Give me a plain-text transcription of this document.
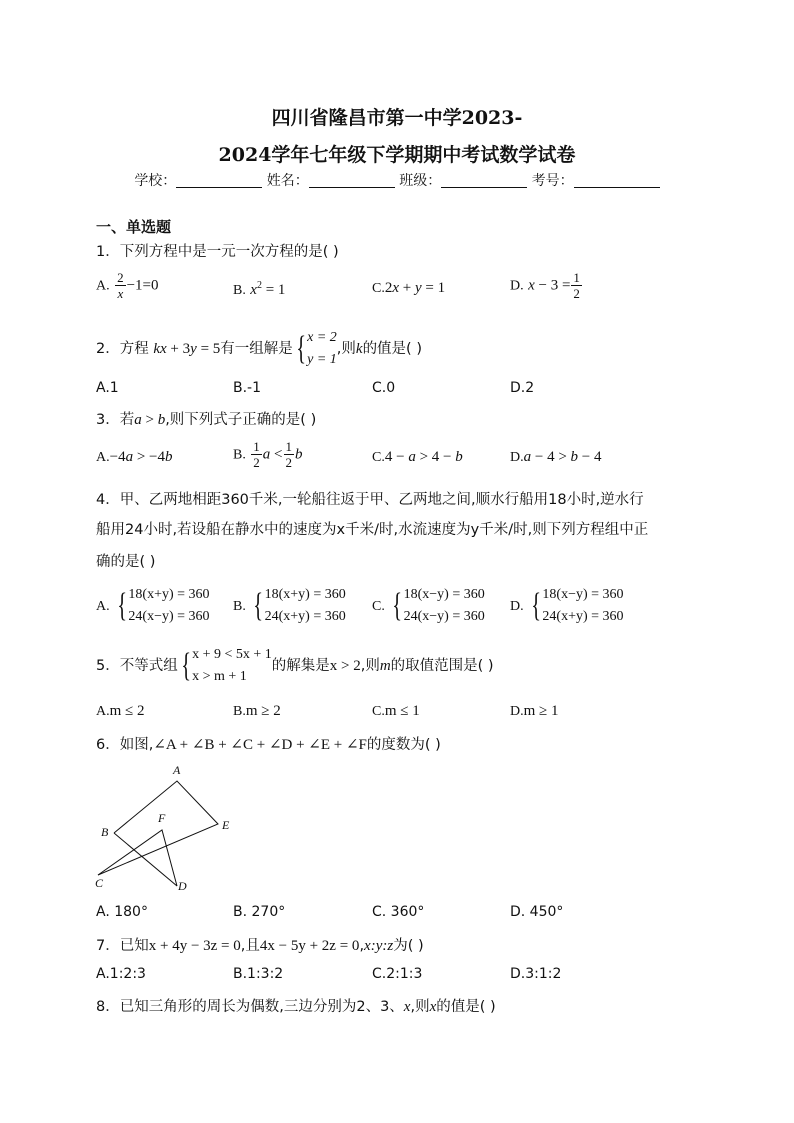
四川省隆昌市第一中学2023-
2024学年七年级下学期期中考试数学试卷
学校：	姓名：	班级：	考号：
一、单选题
1．下列方程中是一元一次方程的是( )
A. $\frac{2}{x} -1=0$	B. $x^2 = 1$	C.2x + y = 1	D. $x - 3 = \frac{1}{2}$
2．方程 kx + 3y = 5有一组解是 { x = 2
y = 1
,则k的值是( )
A.1	B.-1	C.0	D.2
3．若a > b,则下列式子正确的是( )
A.−4a > −4b	B. $\frac{1}{2}$ $a < \frac{1}{2}$ b	C.4 − a > 4 − b	D.a − 4 > b − 4
4．甲、乙两地相距360千米,一轮船往返于甲、乙两地之间,顺水行船用18小时,逆水行
船用24小时,若设船在静水中的速度为x千米/时,水流速度为y千米/时,则下列方程组中正
确的是( )
A. { 18(x+y) = 360
24(x−y) = 360
B. { 18(x+y) = 360
24(x+y) = 360
C. { 18(x−y) = 360
24(x−y) = 360
D. { 18(x−y) = 360
24(x+y) = 360
5．不等式组 { x + 9 < 5x + 1
x > m + 1
的解集是x > 2,则m的取值范围是( )
A.m ≤ 2	B.m ≥ 2	C.m ≤ 1	D.m ≥ 1
6．如图,∠A + ∠B + ∠C + ∠D + ∠E + ∠F的度数为( )
A
B
C	D
E
F
A. 180°	B. 270°	C. 360°	D. 450°
7．已知x + 4y − 3z = 0,且4x − 5y + 2z = 0,x:y:z为( )
A.1:2:3	B.1:3:2	C.2:1:3	D.3:1:2
8．已知三角形的周长为偶数,三边分别为2、3、x,则x的值是( )
